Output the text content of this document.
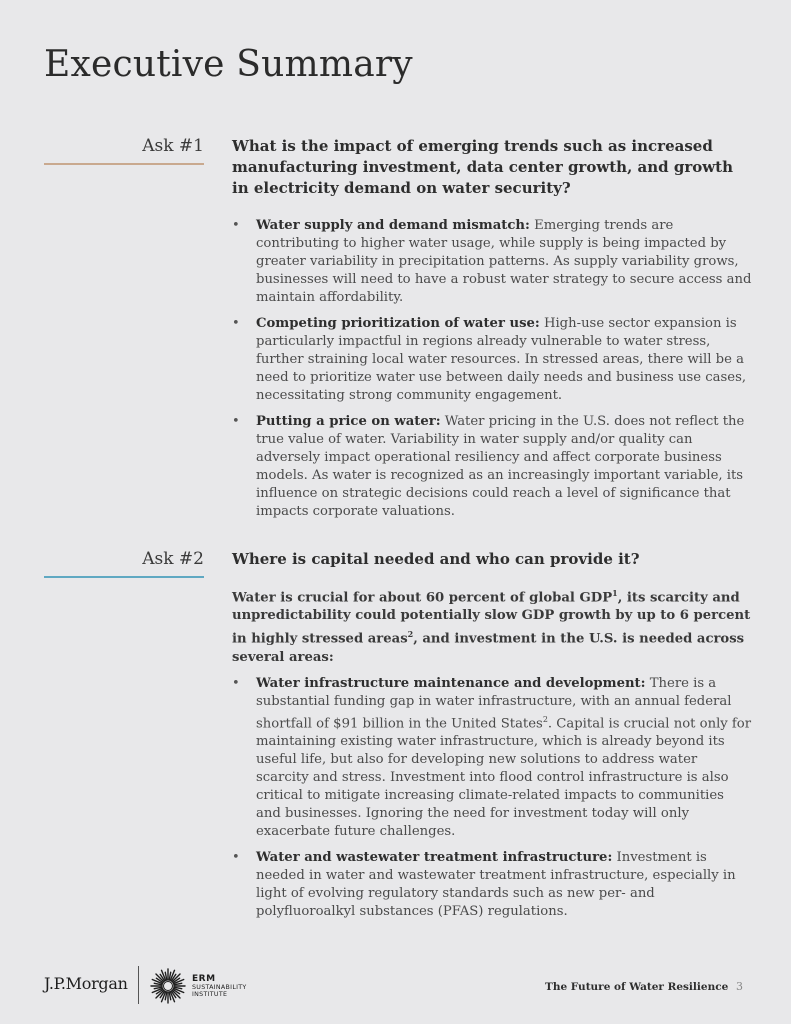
Executive Summary
Ask #1 What is the impact of emerging trends such as increased manufacturing investment, data center growth, and growth in electricity demand on water security?

• Water supply and demand mismatch: Emerging trends are contributing to higher water usage, while supply is being impacted by greater variability in precipitation patterns. As supply variability grows, businesses will need to have a robust water strategy to secure access and maintain affordability.
• Competing prioritization of water use: High-use sector expansion is particularly impactful in regions already vulnerable to water stress, further straining local water resources. In stressed areas, there will be a need to prioritize water use between daily needs and business use cases, necessitating strong community engagement.
• Putting a price on water: Water pricing in the U.S. does not reflect the true value of water. Variability in water supply and/or quality can adversely impact operational resiliency and affect corporate business models. As water is recognized as an increasingly important variable, its influence on strategic decisions could reach a level of significance that impacts corporate valuations.
Ask #2 Where is capital needed and who can provide it?

Water is crucial for about 60 percent of global GDP$^1$, its scarcity and unpredictability could potentially slow GDP growth by up to 6 percent in highly stressed areas$^2$, and investment in the U.S. is needed across several areas:

• Water infrastructure maintenance and development: There is a substantial funding gap in water infrastructure, with an annual federal shortfall of $91 billion in the United States$^2$. Capital is crucial not only for maintaining existing water infrastructure, which is already beyond its useful life, but also for developing new solutions to address water scarcity and stress. Investment into flood control infrastructure is also critical to mitigate increasing climate-related impacts to communities and businesses. Ignoring the need for investment today will only exacerbate future challenges.
• Water and wastewater treatment infrastructure: Investment is needed in water and wastewater treatment infrastructure, especially in light of evolving regulatory standards such as new per- and polyfluoroalkyl substances (PFAS) regulations.
J.P.Morgan	ERM
SUSTAINABILITY
INSTITUTE
The Future of Water Resilience 3
